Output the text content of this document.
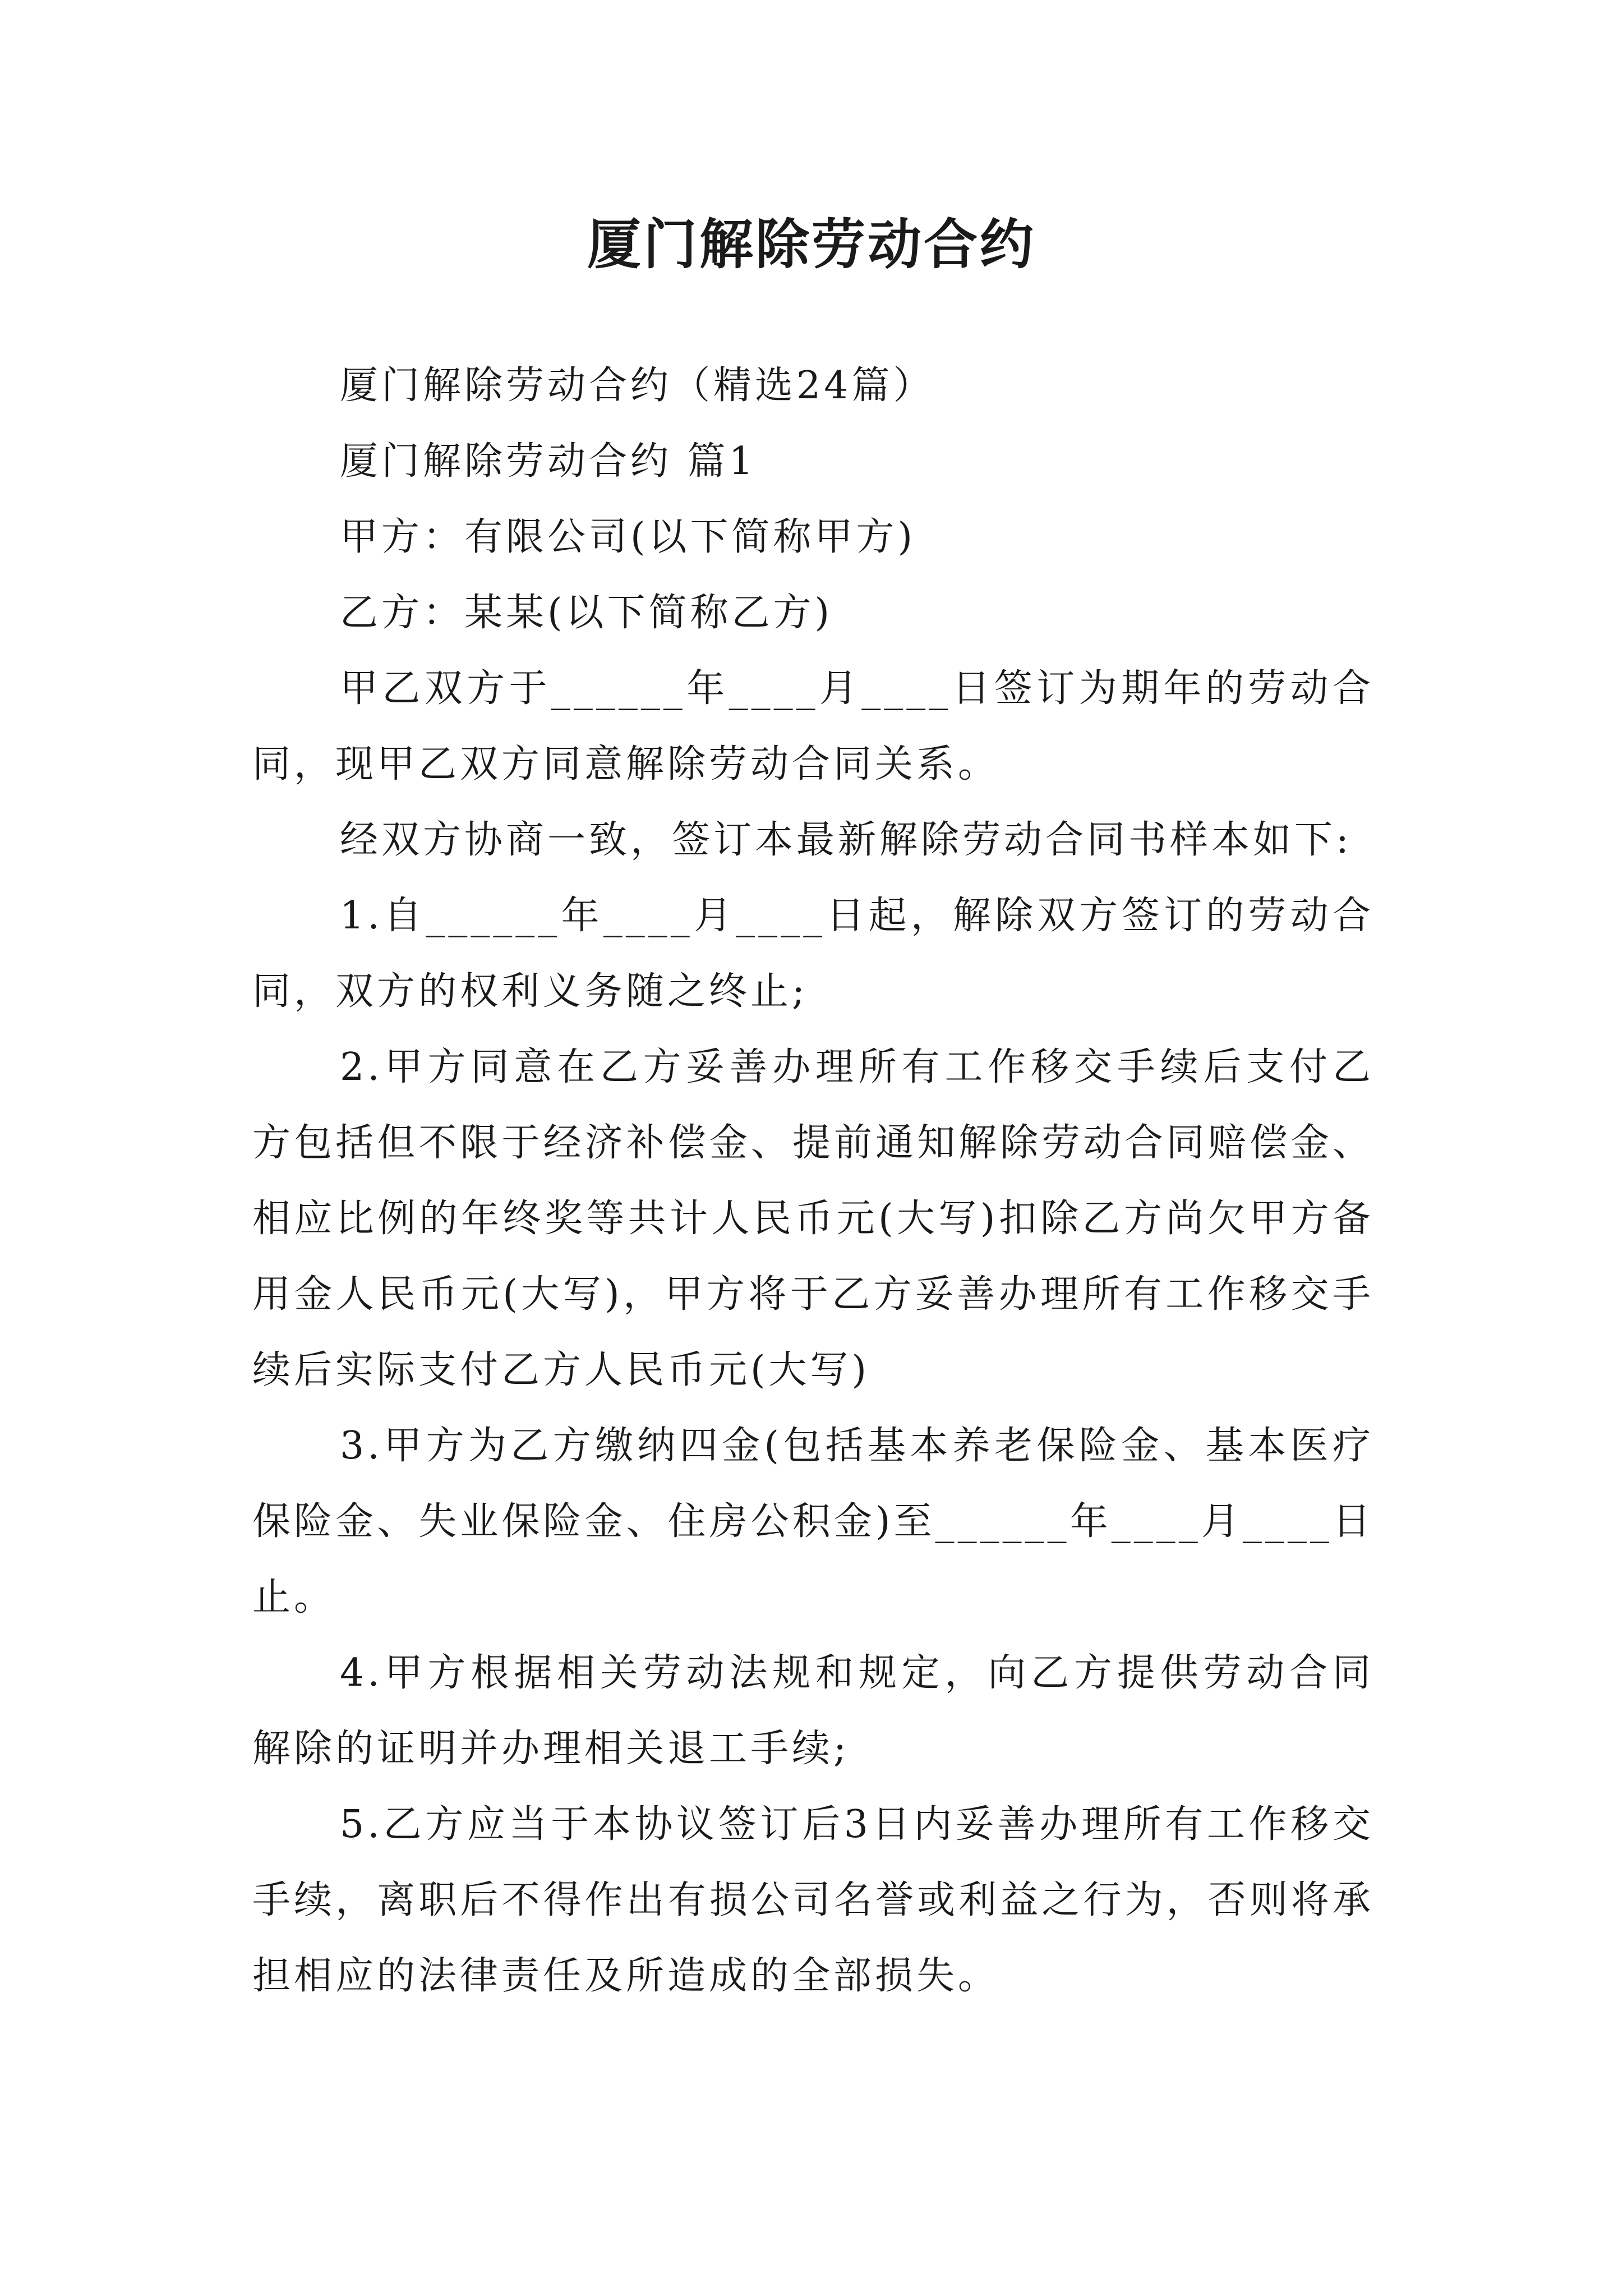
厦门解除劳动合约

厦门解除劳动合约（精选24篇）

厦门解除劳动合约 篇1

甲方：有限公司(以下简称甲方)

乙方：某某(以下简称乙方)

甲乙双方于______年____月____日签订为期年的劳动合同，现甲乙双方同意解除劳动合同关系。

经双方协商一致，签订本最新解除劳动合同书样本如下:

1.自______年____月____日起，解除双方签订的劳动合同，双方的权利义务随之终止;

2.甲方同意在乙方妥善办理所有工作移交手续后支付乙方包括但不限于经济补偿金、提前通知解除劳动合同赔偿金、相应比例的年终奖等共计人民币元(大写)扣除乙方尚欠甲方备用金人民币元(大写)，甲方将于乙方妥善办理所有工作移交手续后实际支付乙方人民币元(大写)

3.甲方为乙方缴纳四金(包括基本养老保险金、基本医疗保险金、失业保险金、住房公积金)至______年____月____日止。

4.甲方根据相关劳动法规和规定，向乙方提供劳动合同解除的证明并办理相关退工手续;

5.乙方应当于本协议签订后3日内妥善办理所有工作移交手续，离职后不得作出有损公司名誉或利益之行为，否则将承担相应的法律责任及所造成的全部损失。
